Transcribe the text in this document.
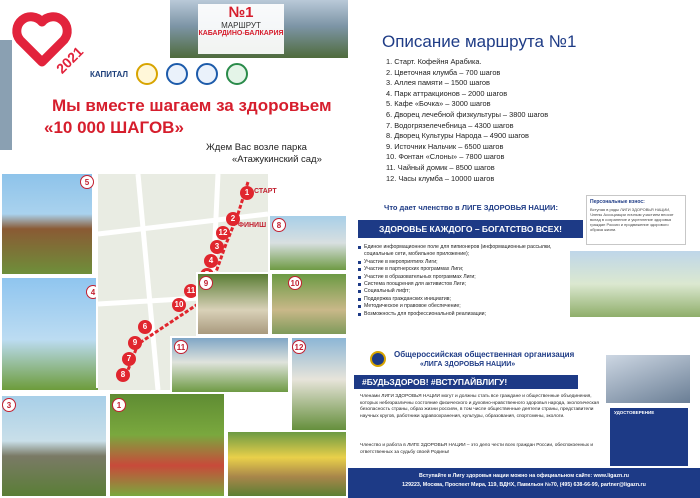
2021
№1
МАРШРУТ
КАБАРДИНО-БАЛКАРИЯ
КАПИТАЛ
Мы вместе шагаем за здоровьем
«10 000 ШАГОВ»
Ждем Вас возле парка
«Атажукинский сад»
5
4
3	1
1 СТАРТ
2
ФИНИШ
12
3
4
11
10
6
9
7
8
8
9	10
11	12
Описание маршрута №1
1. Старт. Кофейня Арабика.
2. Цветочная клумба – 700 шагов
3. Аллея памяти – 1500 шагов
4. Парк аттракционов – 2000 шагов
5. Кафе «Бочка» – 3000 шагов
6. Дворец лечебной физкультуры – 3800 шагов
7. Водогрязелечебница – 4300 шагов
8. Дворец Культуры Народа – 4900 шагов
9. Источник Нальчик – 6500 шагов
10. Фонтан «Слоны» – 7800 шагов
11. Чайный домик – 8500 шагов
12. Часы клумба – 10000 шагов
Что дает членство в ЛИГЕ ЗДОРОВЬЯ НАЦИИ:
Персональные взнос:
Вступая в ряды ЛИГИ ЗДОРОВЬЯ НАЦИИ, Члены Ассоциации личным участием вносят вклад в сохранение и укрепление здоровья граждан России и продвижение здорового образа жизни.
ЗДОРОВЬЕ КАЖДОГО – БОГАТСТВО ВСЕХ!
Единое информационное поле для пипионеров (информационные рассылки, социальные сети, мобильное приложение);
Участие в мероприятиях Лиги;
Участие в партнерских программах Лиги;
Участие в образовательных программах Лиги;
Система поощрения для активистов Лиги;
Социальный лифт;
Поддержка гражданских инициатив;
Методическое и правовое обеспечение;
Возможность для профессиональной реализации;
Общероссийская общественная организация
«ЛИГА ЗДОРОВЬЯ НАЦИИ»
#БУДЬЗДОРОВ! #ВСТУПАЙВЛИГУ!
Членами ЛИГИ ЗДОРОВЬЯ НАЦИИ могут и должны стать все граждане и общественные объединения, которых небезразличны состояние физического и духовно-нравственного здоровья народа, экологическая безопасность страны, образ жизни россиян, в том числе общественные деятели страны, представители научных кругов, работники здравоохранения, культуры, образования, спортсмены, экологи.
Членство и работа в ЛИГЕ ЗДОРОВЬЯ НАЦИИ – это дело чести всех граждан России, обеспокоенных и ответственных за судьбу своей Родины!
УДОСТОВЕРЕНИЕ
Вступайте в Лигу здоровья нации можно на официальном сайте: www.ligazn.ru
129223, Москва, Проспект Мира, 119, ВДНХ, Павильон №70, (495) 638-66-99, partner@ligazn.ru
